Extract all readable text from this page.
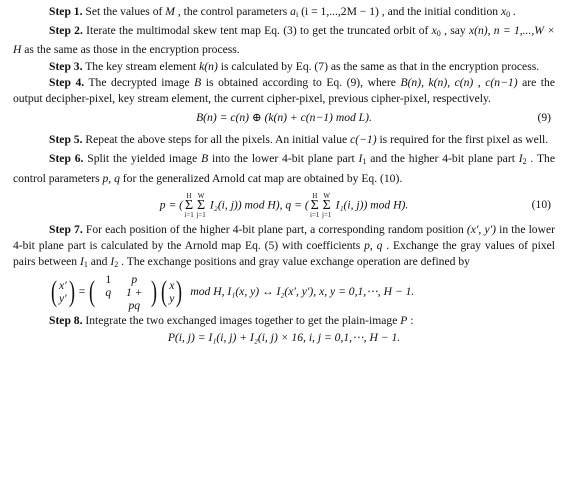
Step 1. Set the values of M , the control parameters $a_i$ (i = 1,...,2M − 1) , and the initial condition $x_0$ .

Step 2. Iterate the multimodal skew tent map Eq. (3) to get the truncated orbit of $x_0$ , say x(n), n = 1,...,W × H as the same as those in the encryption process.

Step 3. The key stream element k(n) is calculated by Eq. (7) as the same as that in the encryption process.

Step 4. The decrypted image B is obtained according to Eq. (9), where B(n), k(n), c(n) , c(n−1) are the output decipher-pixel, key stream element, the current cipher-pixel, previous cipher-pixel, respectively.

B(n) = c(n) ⊕ (k(n) + c(n−1) mod L).	(9)

Step 5. Repeat the above steps for all the pixels. An initial value c(−1) is required for the first pixel as well.

Step 6. Split the yielded image B into the lower 4-bit plane part $I_1$ and the higher 4-bit plane part $I_2$ . The control parameters p, q for the generalized Arnold cat map are obtained by Eq. (10).

p = (
H
Σ
i=1
W
Σ
j=1
I₂(i, j)) mod H), q = (
H
Σ
i=1
W
Σ
j=1
I₁(i, j)) mod H).	(10)

Step 7. For each position of the higher 4-bit plane part, a corresponding random position (x′, y′) in the lower 4-bit plane part is calculated by the Arnold map Eq. (5) with coefficients p, q . Exchange the gray values of pixel pairs between $I_1$ and $I_2$ . The exchange positions and gray value exchange operation are defined by

( x′
y′ ) = ( 1	p
q	1 + pq ) ( x
y ) mod H, I₁(x, y) ↔ I₂(x′, y′), x, y = 0,1,⋯, H − 1.

Step 8. Integrate the two exchanged images together to get the plain-image P :

P(i, j) = I₁(i, j) + I₂(i, j) × 16, i, j = 0,1,⋯, H − 1.
